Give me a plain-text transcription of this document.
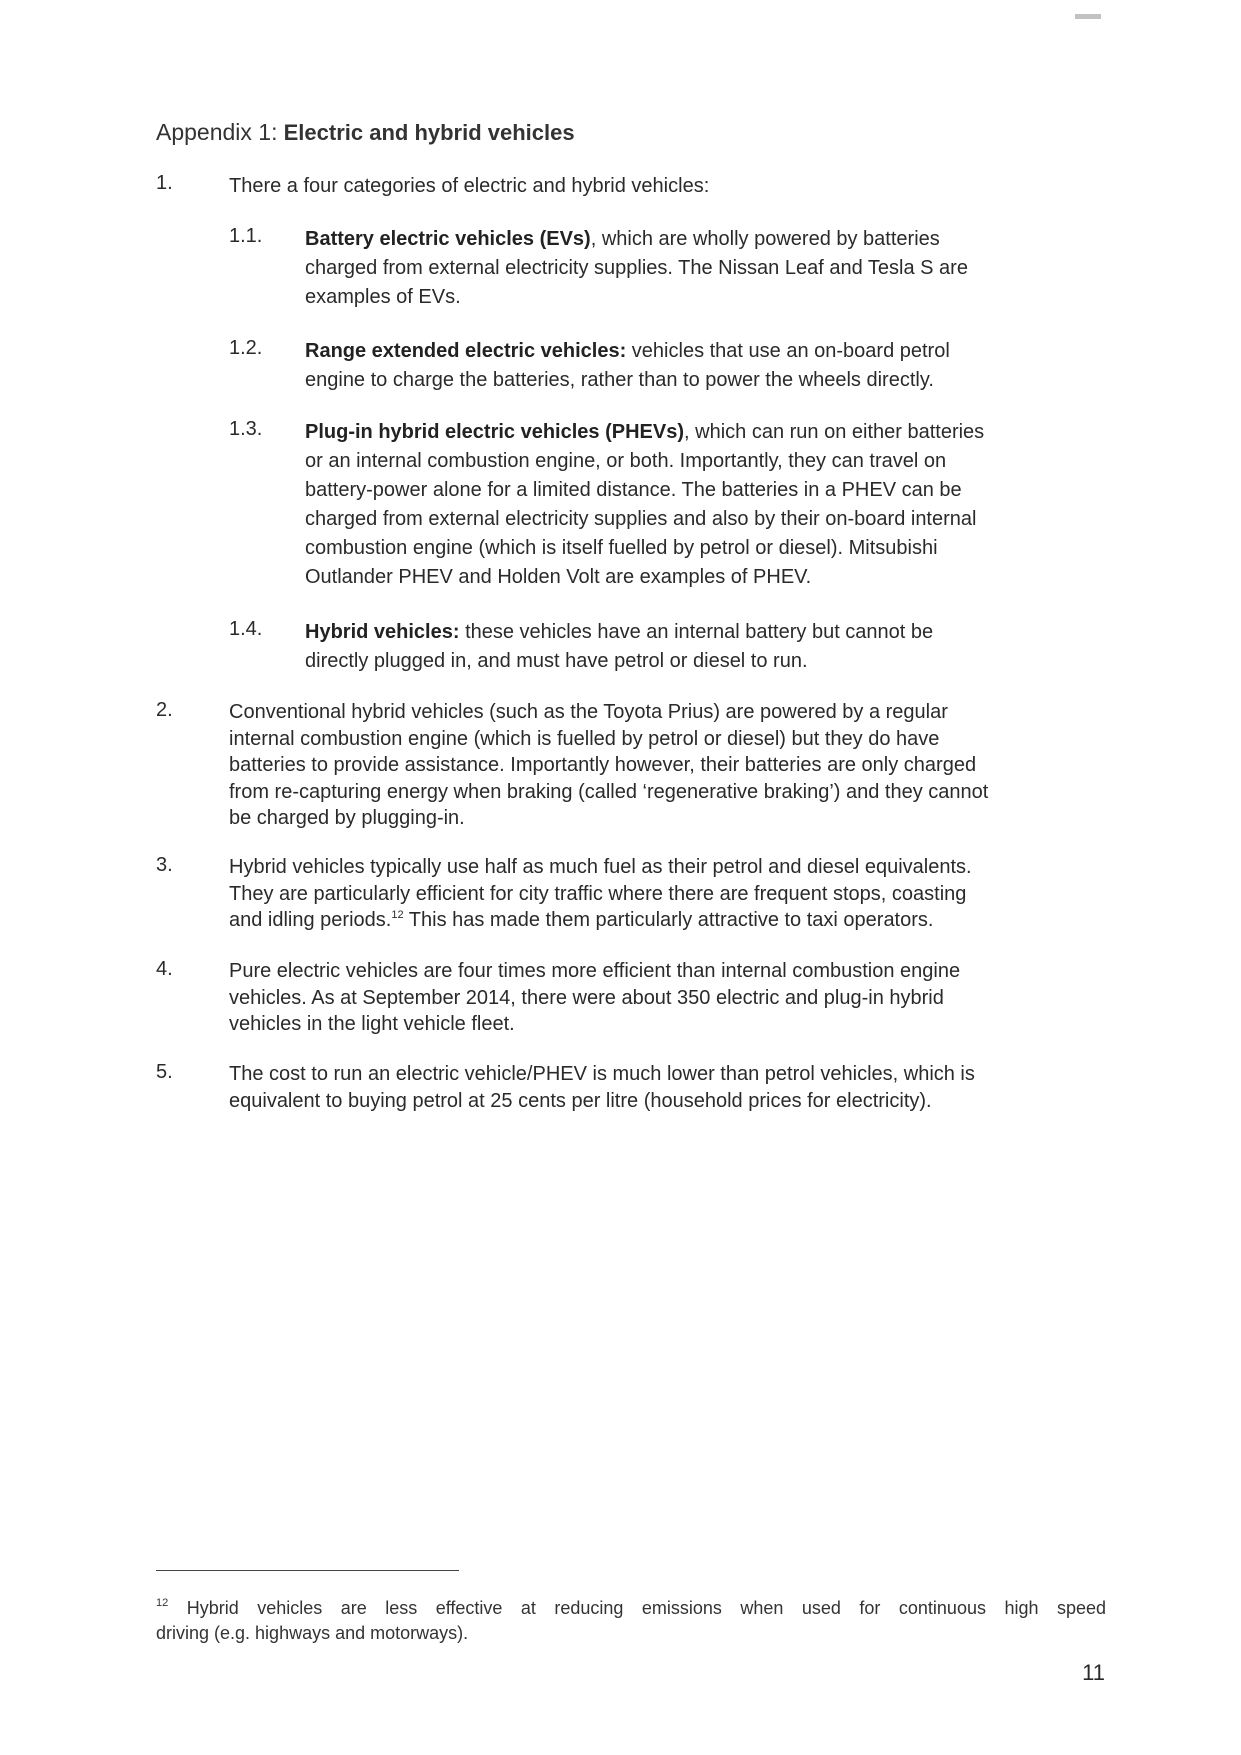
Appendix 1: Electric and hybrid vehicles
1.	There a four categories of electric and hybrid vehicles:
1.1. Battery electric vehicles (EVs), which are wholly powered by batteries
charged from external electricity supplies. The Nissan Leaf and Tesla S are
examples of EVs.
1.2. Range extended electric vehicles: vehicles that use an on-board petrol
engine to charge the batteries, rather than to power the wheels directly.
1.3. Plug-in hybrid electric vehicles (PHEVs), which can run on either batteries
or an internal combustion engine, or both. Importantly, they can travel on
battery-power alone for a limited distance. The batteries in a PHEV can be
charged from external electricity supplies and also by their on-board internal
combustion engine (which is itself fuelled by petrol or diesel). Mitsubishi
Outlander PHEV and Holden Volt are examples of PHEV.
1.4. Hybrid vehicles: these vehicles have an internal battery but cannot be
directly plugged in, and must have petrol or diesel to run.
2.	Conventional hybrid vehicles (such as the Toyota Prius) are powered by a regular
internal combustion engine (which is fuelled by petrol or diesel) but they do have
batteries to provide assistance. Importantly however, their batteries are only charged
from re-capturing energy when braking (called ‘regenerative braking’) and they cannot
be charged by plugging-in.
3.	Hybrid vehicles typically use half as much fuel as their petrol and diesel equivalents.
They are particularly efficient for city traffic where there are frequent stops, coasting
and idling periods.$^{12}$ This has made them particularly attractive to taxi operators.
4.	Pure electric vehicles are four times more efficient than internal combustion engine
vehicles. As at September 2014, there were about 350 electric and plug-in hybrid
vehicles in the light vehicle fleet.
5.	The cost to run an electric vehicle/PHEV is much lower than petrol vehicles, which is
equivalent to buying petrol at 25 cents per litre (household prices for electricity).
$^{12}$ Hybrid vehicles are less effective at reducing emissions when used for continuous high speed
driving (e.g. highways and motorways).
11
